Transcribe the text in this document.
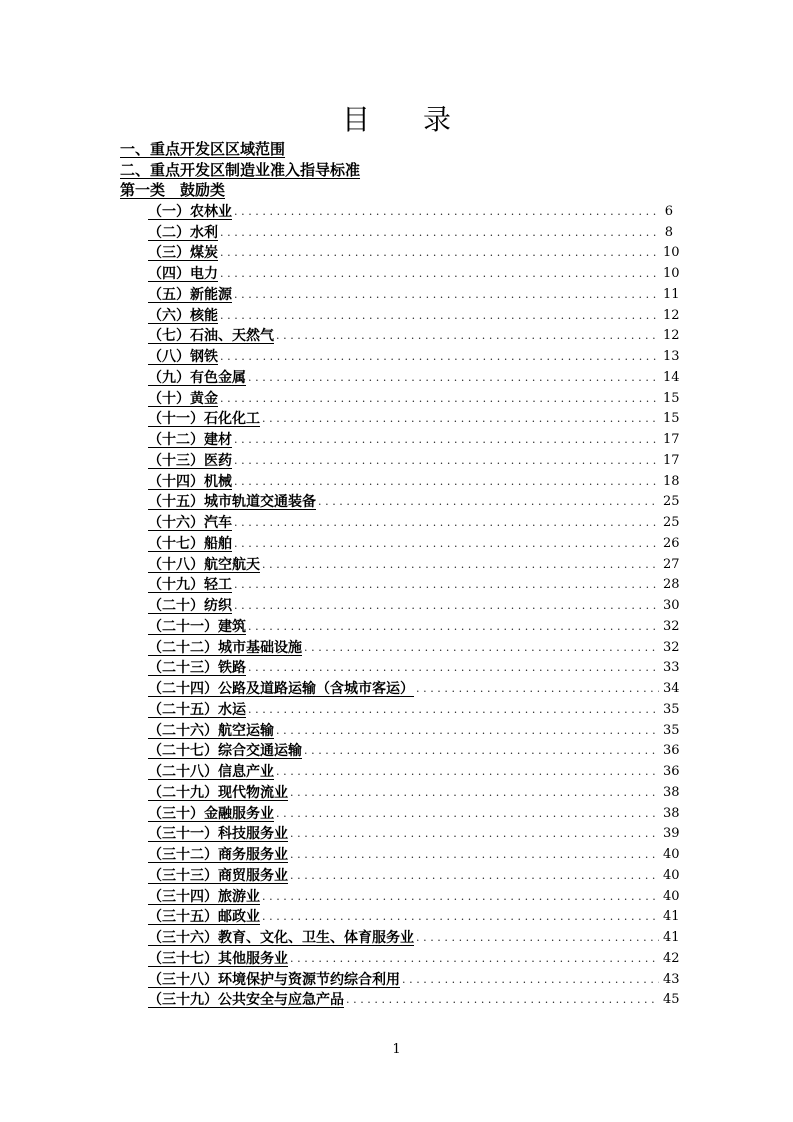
目 录
一、重点开发区区域范围
二、重点开发区制造业准入指导标准
第一类　鼓励类
（一）农林业 .....	6
（二）水利 .....	8
（三）煤炭 .....	10
（四）电力 .....	10
（五）新能源 .....	11
（六）核能 .....	12
（七）石油、天然气 .....	12
（八）钢铁 .....	13
（九）有色金属 .....	14
（十）黄金 .....	15
（十一）石化化工 .....	15
（十二）建材 .....	17
（十三）医药 .....	17
（十四）机械 .....	18
（十五）城市轨道交通装备 .....	25
（十六）汽车 .....	25
（十七）船舶 .....	26
（十八）航空航天 .....	27
（十九）轻工 .....	28
（二十）纺织 .....	30
（二十一）建筑 .....	32
（二十二）城市基础设施 .....	32
（二十三）铁路 .....	33
（二十四）公路及道路运输（含城市客运） .....	34
（二十五）水运 .....	35
（二十六）航空运输 .....	35
（二十七）综合交通运输 .....	36
（二十八）信息产业 .....	36
（二十九）现代物流业 .....	38
（三十）金融服务业 .....	38
（三十一）科技服务业 .....	39
（三十二）商务服务业 .....	40
（三十三）商贸服务业 .....	40
（三十四）旅游业 .....	40
（三十五）邮政业 .....	41
（三十六）教育、文化、卫生、体育服务业 .....	41
（三十七）其他服务业 .....	42
（三十八）环境保护与资源节约综合利用 .....	43
（三十九）公共安全与应急产品 .....	45
1
